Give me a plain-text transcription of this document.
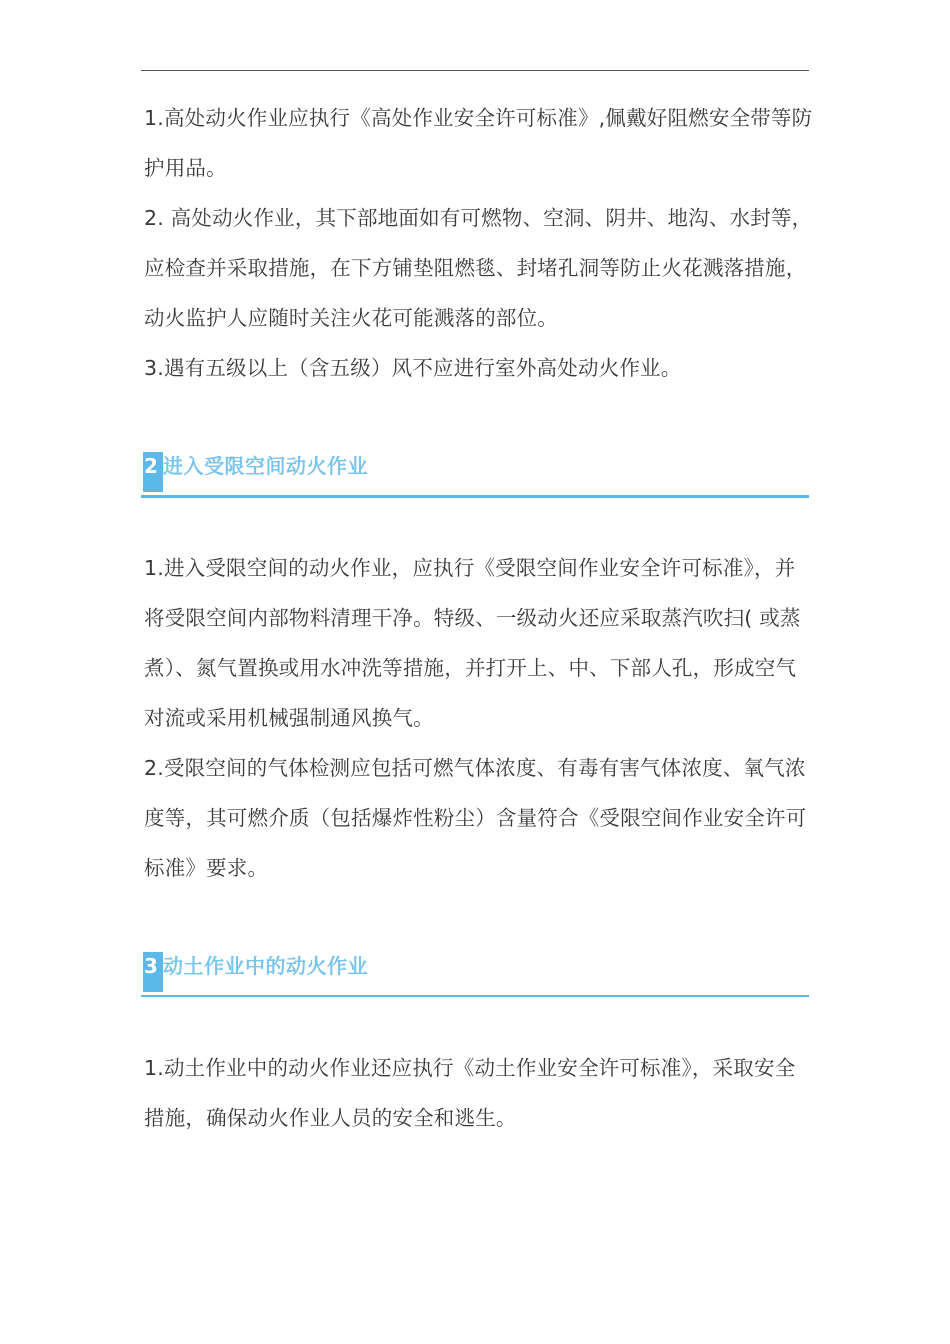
1.高处动火作业应执行《高处作业安全许可标准》,佩戴好阻燃安全带等防护用品。

2. 高处动火作业，其下部地面如有可燃物、空洞、阴井、地沟、水封等，应检查并采取措施，在下方铺垫阻燃毯、封堵孔洞等防止火花溅落措施，动火监护人应随时关注火花可能溅落的部位。

3.遇有五级以上（含五级）风不应进行室外高处动火作业。

2 进入受限空间动火作业

1.进入受限空间的动火作业，应执行《受限空间作业安全许可标准》，并将受限空间内部物料清理干净。特级、一级动火还应采取蒸汽吹扫( 或蒸煮）、氮气置换或用水冲洗等措施，并打开上、中、下部人孔，形成空气对流或采用机械强制通风换气。

2.受限空间的气体检测应包括可燃气体浓度、有毒有害气体浓度、氧气浓度等，其可燃介质（包括爆炸性粉尘）含量符合《受限空间作业安全许可标准》要求。

3 动土作业中的动火作业

1.动土作业中的动火作业还应执行《动土作业安全许可标准》，采取安全措施，确保动火作业人员的安全和逃生。
